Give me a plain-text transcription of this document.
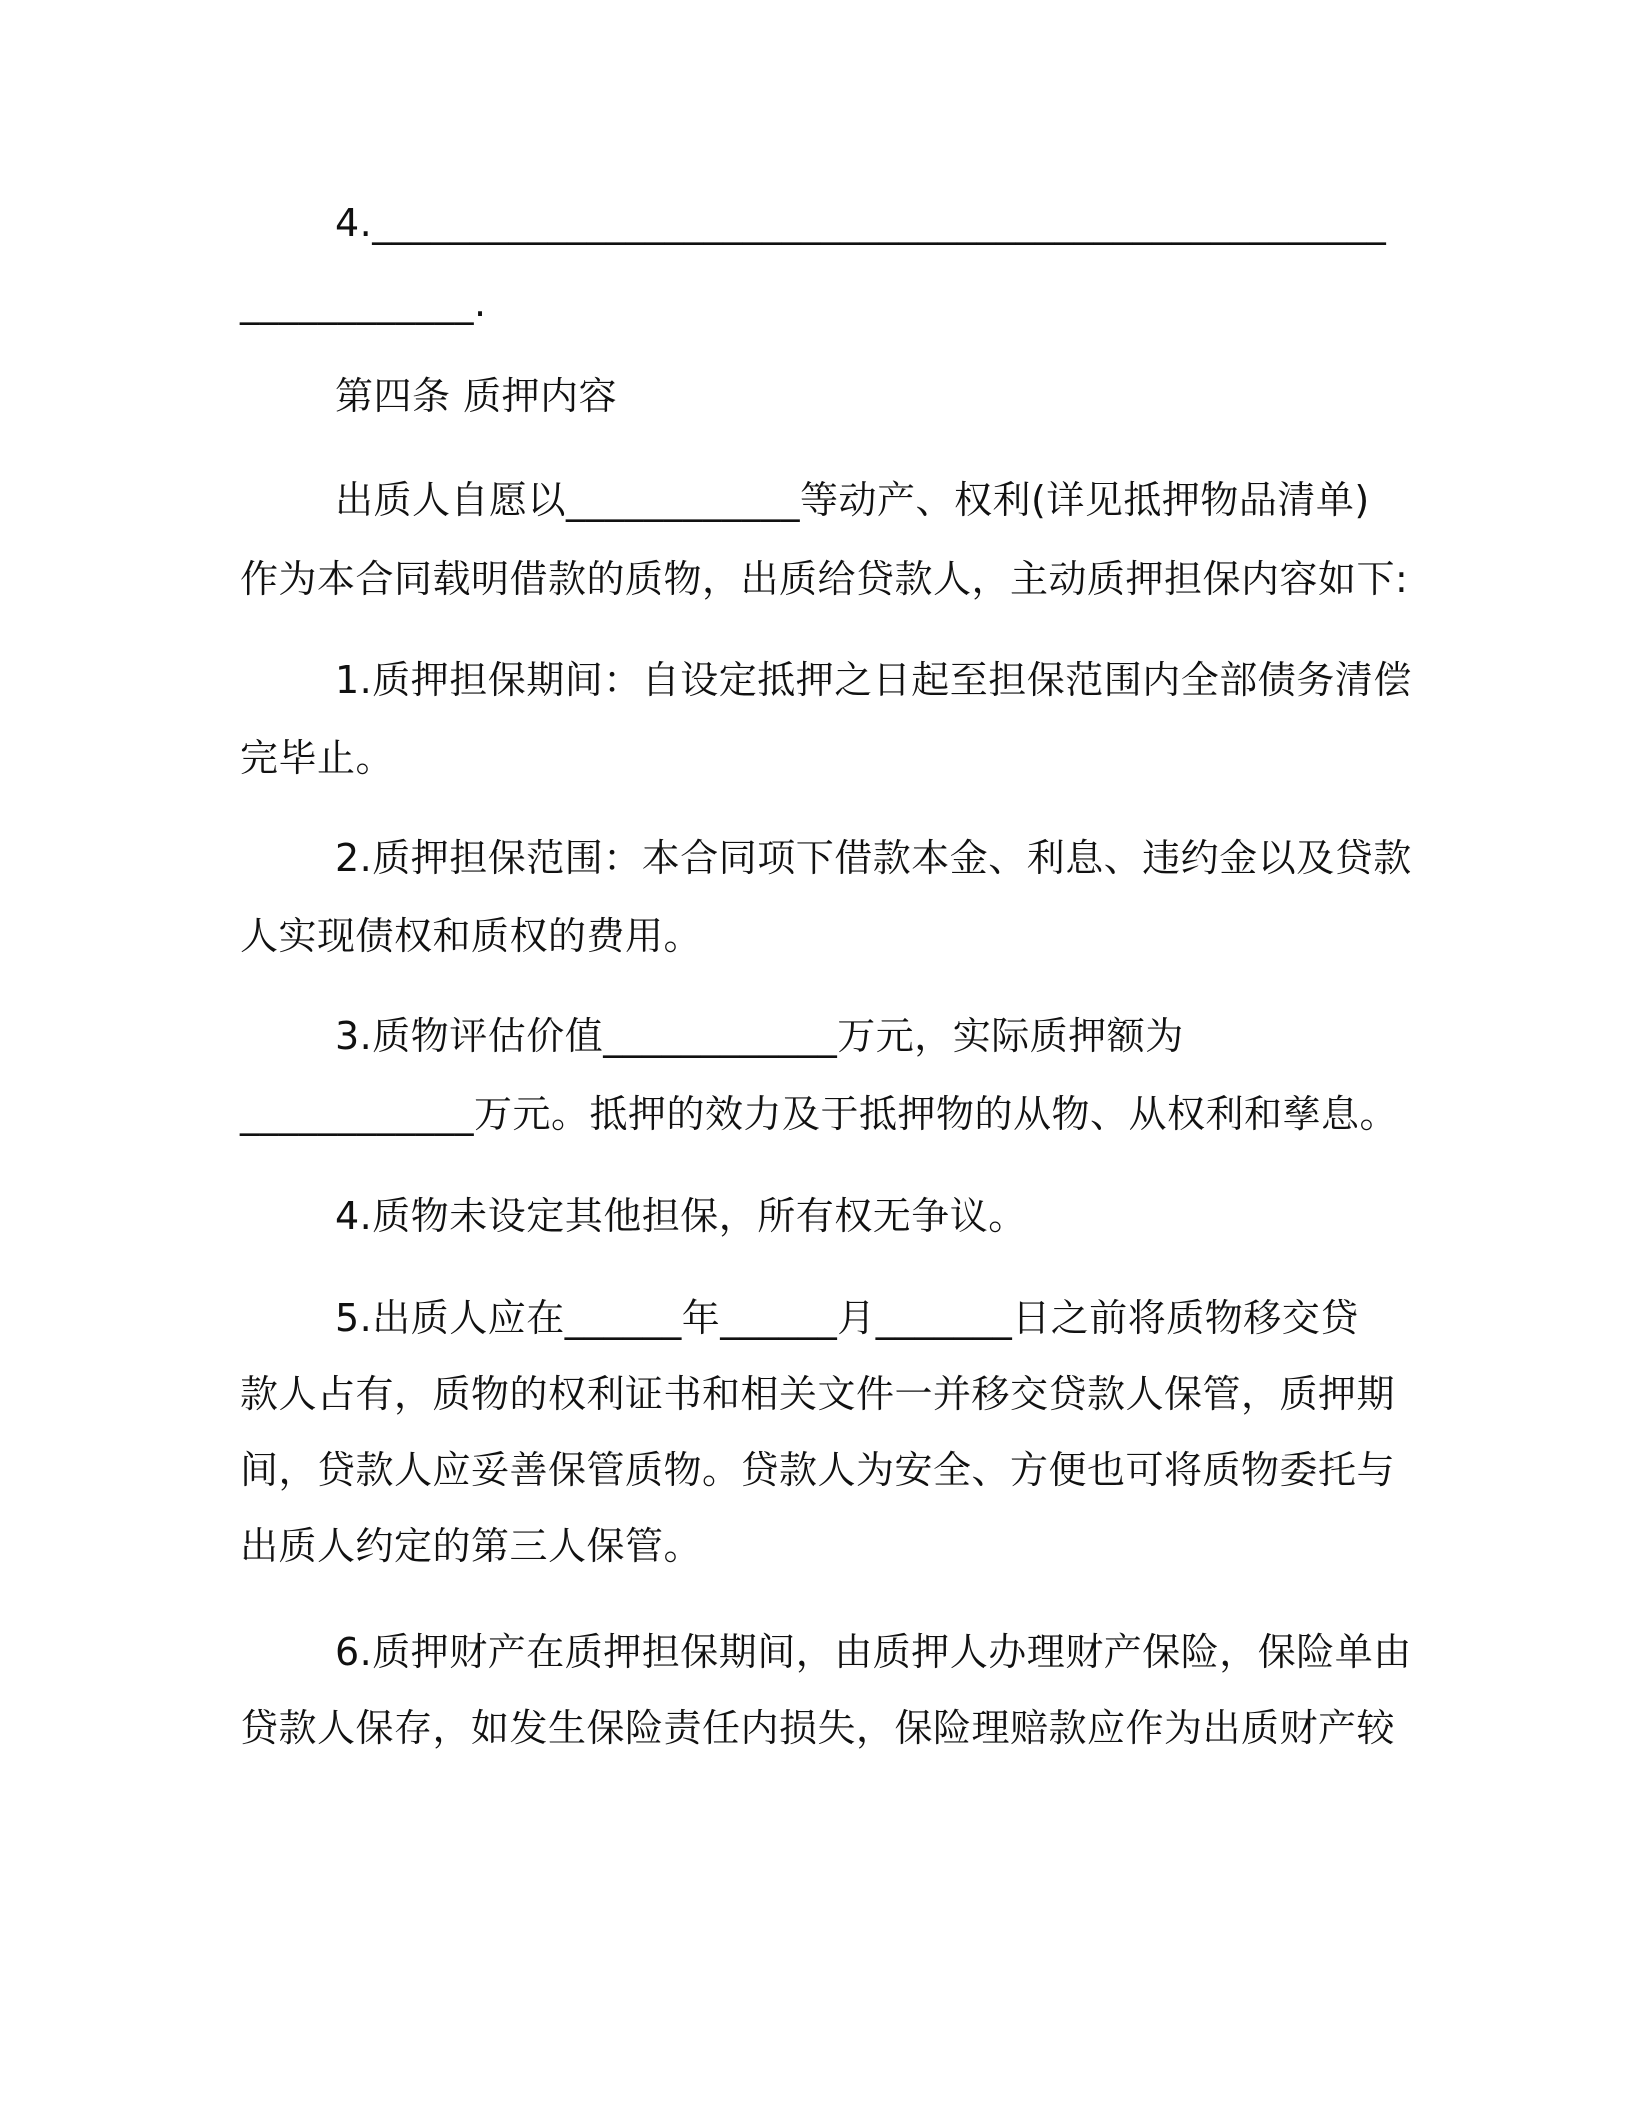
4.____________________________________________________
____________.
第四条 质押内容
出质人自愿以____________等动产、权利(详见抵押物品清单)
作为本合同载明借款的质物，出质给贷款人，主动质押担保内容如下:
1.质押担保期间：自设定抵押之日起至担保范围内全部债务清偿
完毕止。
2.质押担保范围：本合同项下借款本金、利息、违约金以及贷款
人实现债权和质权的费用。
3.质物评估价值____________万元，实际质押额为
____________万元。抵押的效力及于抵押物的从物、从权利和孳息。
4.质物未设定其他担保，所有权无争议。
5.出质人应在______年______月_______日之前将质物移交贷
款人占有，质物的权利证书和相关文件一并移交贷款人保管，质押期
间，贷款人应妥善保管质物。贷款人为安全、方便也可将质物委托与
出质人约定的第三人保管。
6.质押财产在质押担保期间，由质押人办理财产保险，保险单由
贷款人保存，如发生保险责任内损失，保险理赔款应作为出质财产较
